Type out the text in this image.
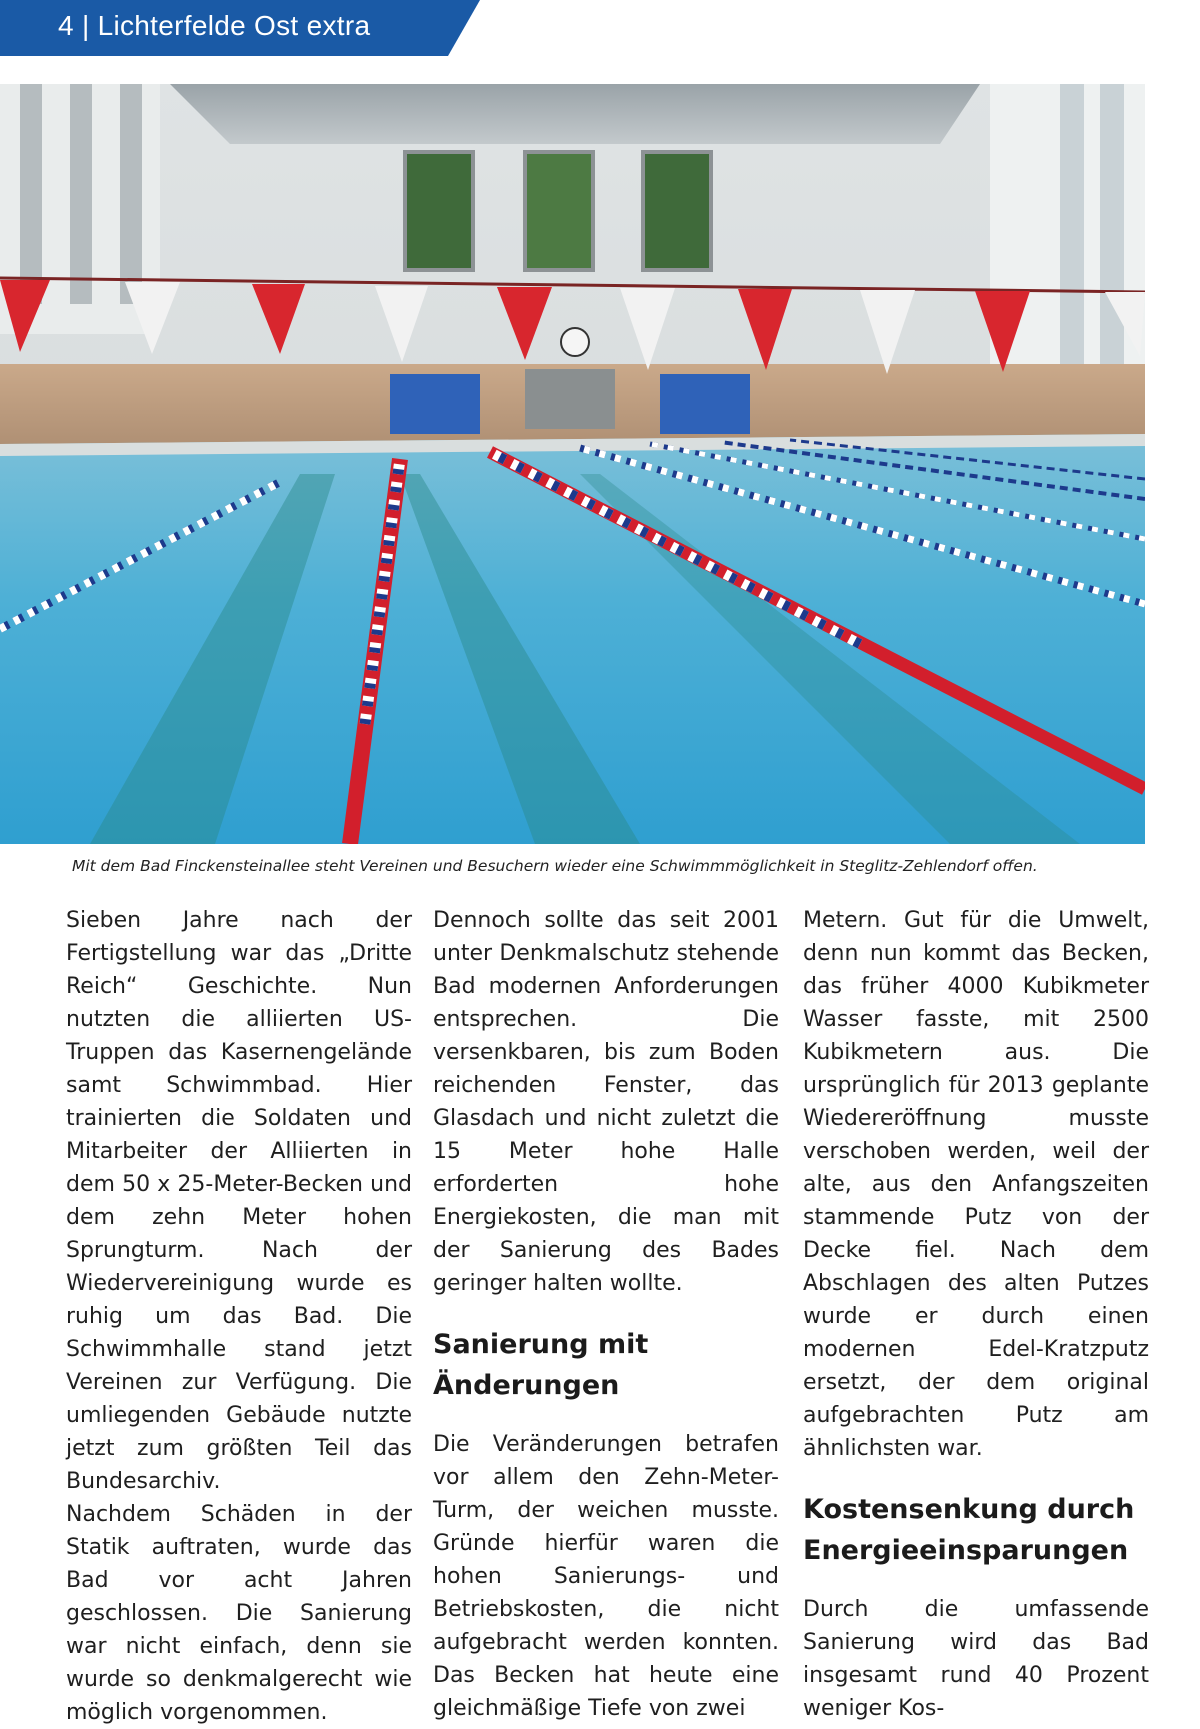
4 | Lichterfelde Ost extra
Mit dem Bad Finckensteinallee steht Vereinen und Besuchern wieder eine Schwimmmöglichkeit in Steglitz-Zehlendorf offen.

Sieben Jahre nach der Fertigstellung war das „Dritte Reich“ Geschichte. Nun nutzten die alliierten US-Truppen das Kasernengelände samt Schwimmbad. Hier trainierten die Soldaten und Mitarbeiter der Alliierten in dem 50 x 25-Meter-Becken und dem zehn Meter hohen Sprungturm. Nach der Wiedervereinigung wurde es ruhig um das Bad. Die Schwimmhalle stand jetzt Vereinen zur Verfügung. Die umliegenden Gebäude nutzte jetzt zum größten Teil das Bundesarchiv.

Nachdem Schäden in der Statik auftraten, wurde das Bad vor acht Jahren geschlossen. Die Sanierung war nicht einfach, denn sie wurde so denkmalgerecht wie möglich vorgenommen.

Dennoch sollte das seit 2001 unter Denkmalschutz stehende Bad modernen Anforderungen entsprechen. Die versenkbaren, bis zum Boden reichenden Fenster, das Glasdach und nicht zuletzt die 15 Meter hohe Halle erforderten hohe Energiekosten, die man mit der Sanierung des Bades geringer halten wollte.

Sanierung mit Änderungen

Die Veränderungen betrafen vor allem den Zehn-Meter-Turm, der weichen musste. Gründe hierfür waren die hohen Sanierungs- und Betriebskosten, die nicht aufgebracht werden konnten. Das Becken hat heute eine gleichmäßige Tiefe von zwei

Metern. Gut für die Umwelt, denn nun kommt das Becken, das früher 4000 Kubikmeter Wasser fasste, mit 2500 Kubikmetern aus. Die ursprünglich für 2013 geplante Wiedereröffnung musste verschoben werden, weil der alte, aus den Anfangszeiten stammende Putz von der Decke fiel. Nach dem Abschlagen des alten Putzes wurde er durch einen modernen Edel-Kratzputz ersetzt, der dem original aufgebrachten Putz am ähnlichsten war.

Kostensenkung durch Energieeinsparungen

Durch die umfassende Sanierung wird das Bad insgesamt rund 40 Prozent weniger Kos-
